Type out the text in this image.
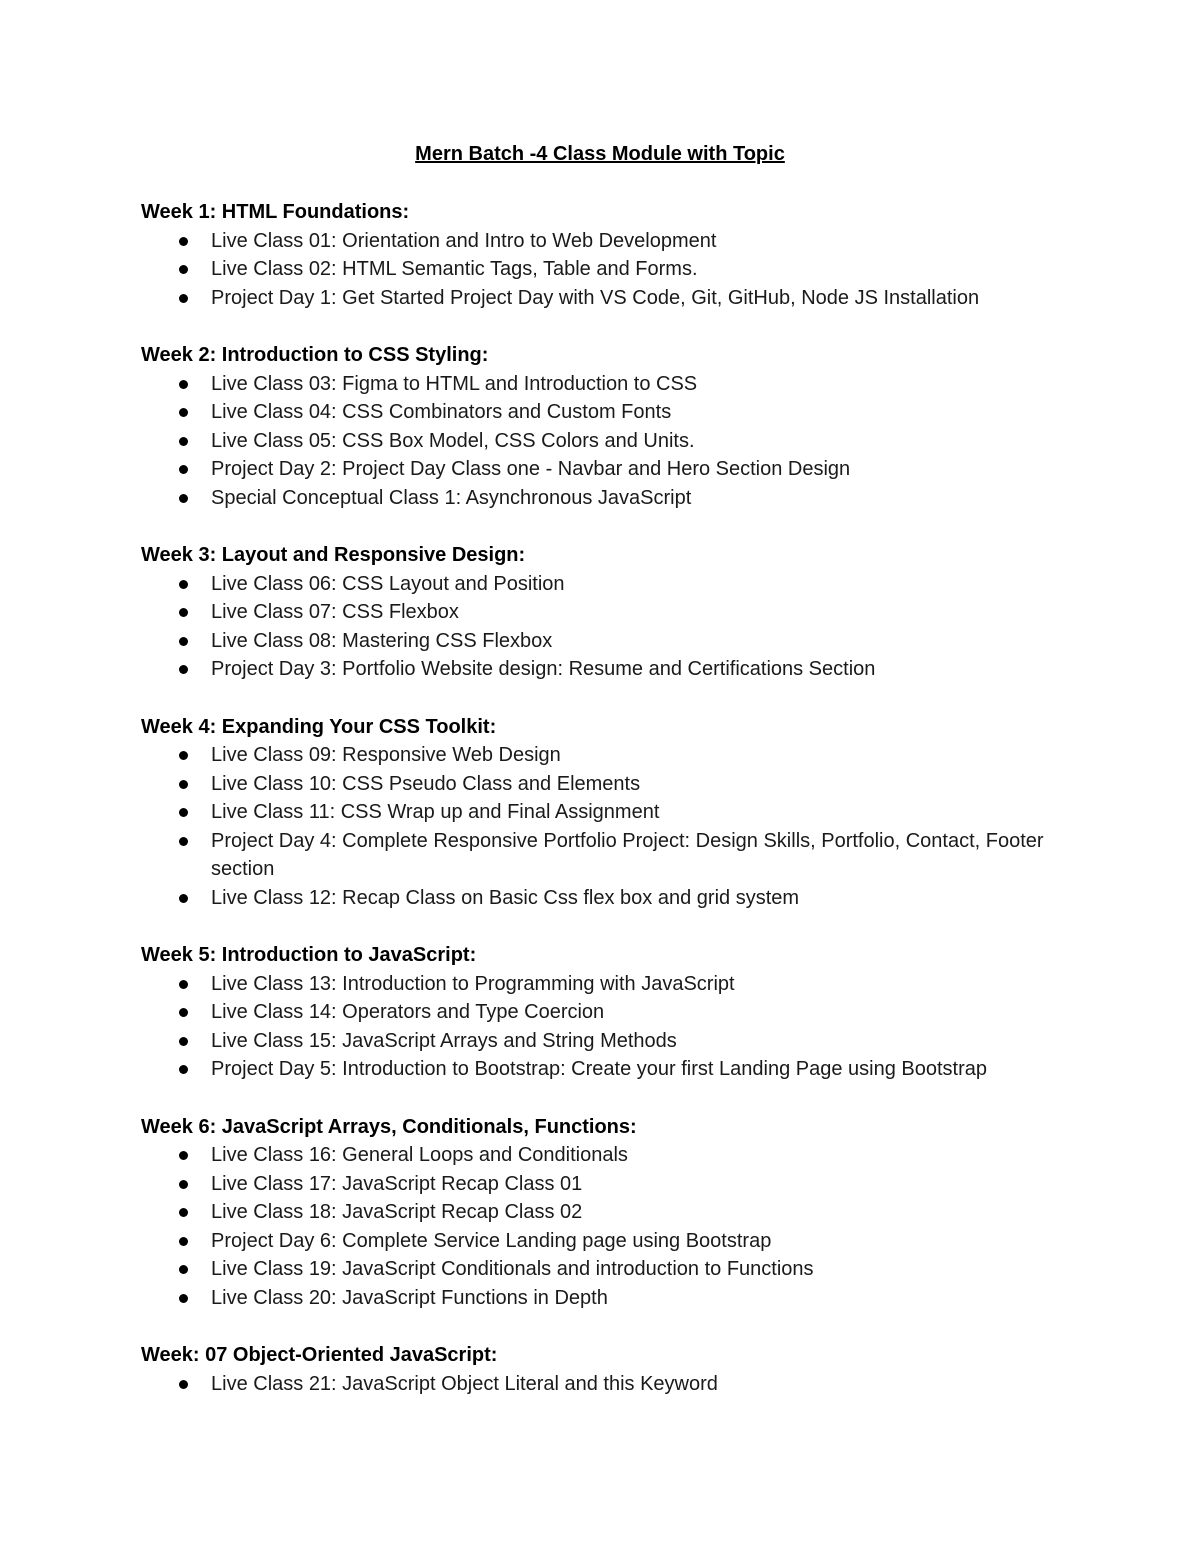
Mern Batch -4 Class Module with Topic

Week 1: HTML Foundations:

Live Class 01: Orientation and Intro to Web Development
Live Class 02: HTML Semantic Tags, Table and Forms.
Project Day 1: Get Started Project Day with VS Code, Git, GitHub, Node JS Installation

Week 2: Introduction to CSS Styling:

Live Class 03: Figma to HTML and Introduction to CSS
Live Class 04: CSS Combinators and Custom Fonts
Live Class 05: CSS Box Model, CSS Colors and Units.
Project Day 2: Project Day Class one - Navbar and Hero Section Design
Special Conceptual Class 1: Asynchronous JavaScript

Week 3: Layout and Responsive Design:

Live Class 06: CSS Layout and Position
Live Class 07: CSS Flexbox
Live Class 08: Mastering CSS Flexbox
Project Day 3: Portfolio Website design: Resume and Certifications Section

Week 4: Expanding Your CSS Toolkit:

Live Class 09: Responsive Web Design
Live Class 10: CSS Pseudo Class and Elements
Live Class 11: CSS Wrap up and Final Assignment
Project Day 4: Complete Responsive Portfolio Project: Design Skills, Portfolio, Contact, Footer section
Live Class 12: Recap Class on Basic Css flex box and grid system

Week 5: Introduction to JavaScript:

Live Class 13: Introduction to Programming with JavaScript
Live Class 14: Operators and Type Coercion
Live Class 15: JavaScript Arrays and String Methods
Project Day 5: Introduction to Bootstrap: Create your first Landing Page using Bootstrap

Week 6: JavaScript Arrays, Conditionals, Functions:

Live Class 16: General Loops and Conditionals
Live Class 17: JavaScript Recap Class 01
Live Class 18: JavaScript Recap Class 02
Project Day 6: Complete Service Landing page using Bootstrap
Live Class 19: JavaScript Conditionals and introduction to Functions
Live Class 20: JavaScript Functions in Depth

Week: 07 Object-Oriented JavaScript:

Live Class 21: JavaScript Object Literal and this Keyword
